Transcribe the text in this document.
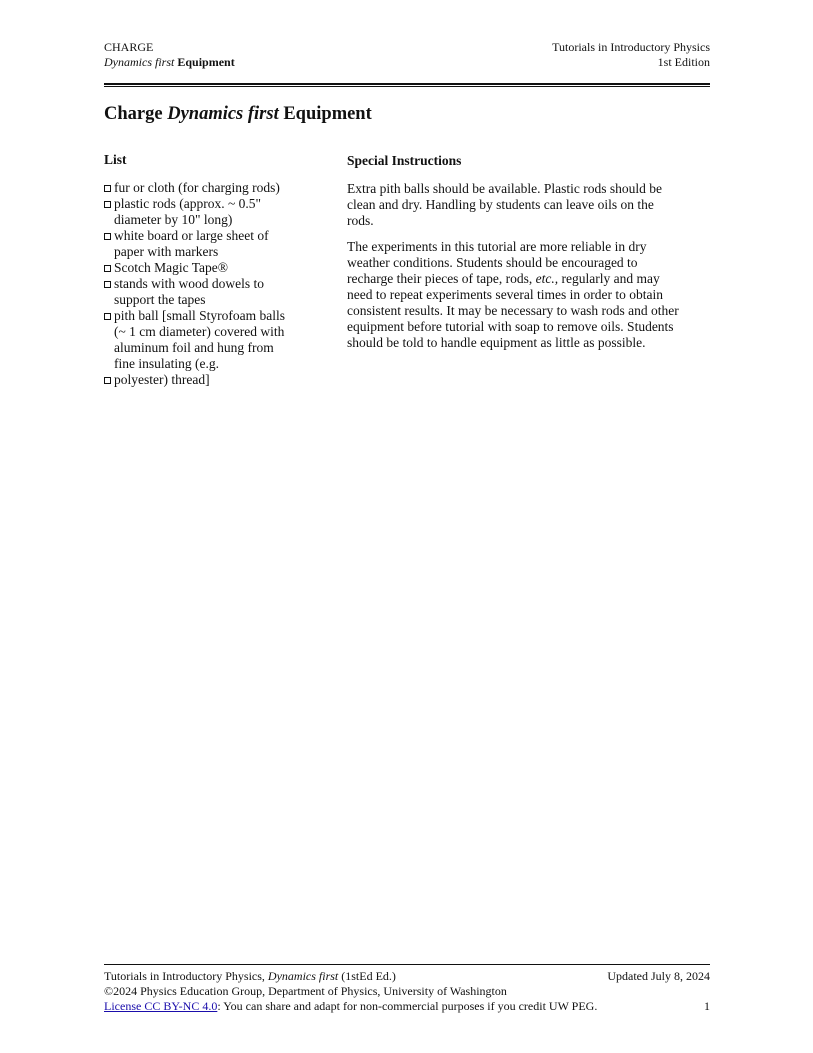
CHARGE
Dynamics first Equipment
Tutorials in Introductory Physics
1st Edition
Charge Dynamics first Equipment
List
fur or cloth (for charging rods)
plastic rods (approx. ~ 0.5"
diameter by 10" long)
white board or large sheet of
paper with markers
Scotch Magic Tape®
stands with wood dowels to
support the tapes
pith ball [small Styrofoam balls
(~ 1 cm diameter) covered with
aluminum foil and hung from
fine insulating (e.g.
polyester) thread]
Special Instructions

Extra pith balls should be available. Plastic rods should be
clean and dry. Handling by students can leave oils on the
rods.

The experiments in this tutorial are more reliable in dry
weather conditions. Students should be encouraged to
recharge their pieces of tape, rods, etc., regularly and may
need to repeat experiments several times in order to obtain
consistent results. It may be necessary to wash rods and other
equipment before tutorial with soap to remove oils. Students
should be told to handle equipment as little as possible.

Tutorials in Introductory Physics, Dynamics first (1stEd Ed.)	Updated July 8, 2024
©2024 Physics Education Group, Department of Physics, University of Washington
License CC BY-NC 4.0: You can share and adapt for non-commercial purposes if you credit UW PEG.	1
